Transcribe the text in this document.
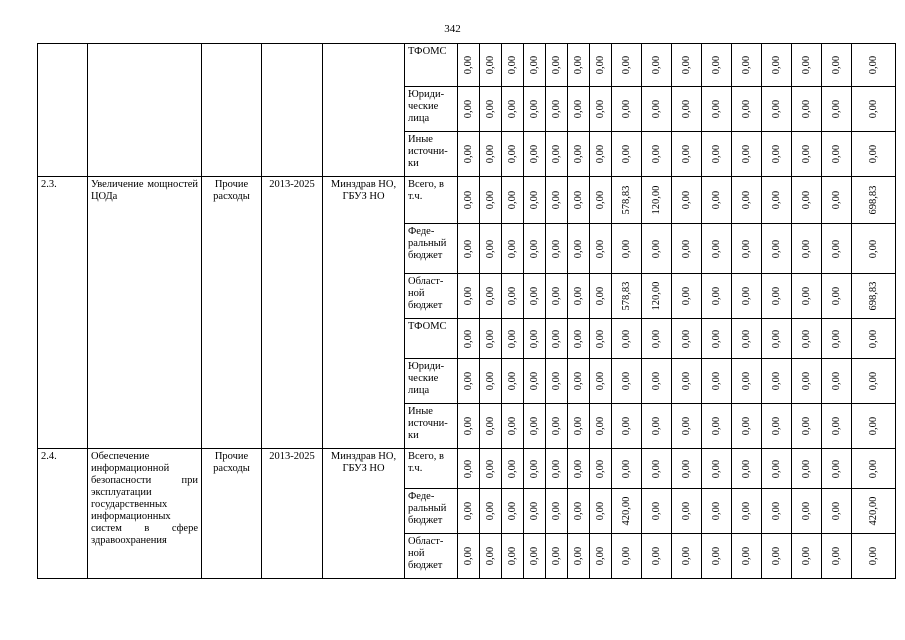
342
					ТФОМС	0,00	0,00	0,00	0,00	0,00	0,00	0,00	0,00	0,00	0,00	0,00	0,00	0,00	0,00	0,00	0,00

					Юриди-ческие лица	0,00	0,00	0,00	0,00	0,00	0,00	0,00	0,00	0,00	0,00	0,00	0,00	0,00	0,00	0,00	0,00

					Иные источни-ки	0,00	0,00	0,00	0,00	0,00	0,00	0,00	0,00	0,00	0,00	0,00	0,00	0,00	0,00	0,00	0,00

2.3.	Увеличение мощностей ЦОДа	Прочие расходы	2013-2025	Минздрав НО, ГБУЗ НО	Всего, в т.ч.	0,00	0,00	0,00	0,00	0,00	0,00	0,00	578,83	120,00	0,00	0,00	0,00	0,00	0,00	0,00	698,83

					Феде-ральный бюджет	0,00	0,00	0,00	0,00	0,00	0,00	0,00	0,00	0,00	0,00	0,00	0,00	0,00	0,00	0,00	0,00

					Област-ной бюджет	0,00	0,00	0,00	0,00	0,00	0,00	0,00	578,83	120,00	0,00	0,00	0,00	0,00	0,00	0,00	698,83

					ТФОМС	0,00	0,00	0,00	0,00	0,00	0,00	0,00	0,00	0,00	0,00	0,00	0,00	0,00	0,00	0,00	0,00

					Юриди-ческие лица	0,00	0,00	0,00	0,00	0,00	0,00	0,00	0,00	0,00	0,00	0,00	0,00	0,00	0,00	0,00	0,00

					Иные источни-ки	0,00	0,00	0,00	0,00	0,00	0,00	0,00	0,00	0,00	0,00	0,00	0,00	0,00	0,00	0,00	0,00

2.4.	Обеспечение информационной безопасности при эксплуатации государственных информационных систем в сфере здравоохранения	Прочие расходы	2013-2025	Минздрав НО, ГБУЗ НО	Всего, в т.ч.	0,00	0,00	0,00	0,00	0,00	0,00	0,00	0,00	0,00	0,00	0,00	0,00	0,00	0,00	0,00	0,00

					Феде-ральный бюджет	0,00	0,00	0,00	0,00	0,00	0,00	0,00	420,00	0,00	0,00	0,00	0,00	0,00	0,00	0,00	420,00

					Област-ной бюджет	0,00	0,00	0,00	0,00	0,00	0,00	0,00	0,00	0,00	0,00	0,00	0,00	0,00	0,00	0,00	0,00
